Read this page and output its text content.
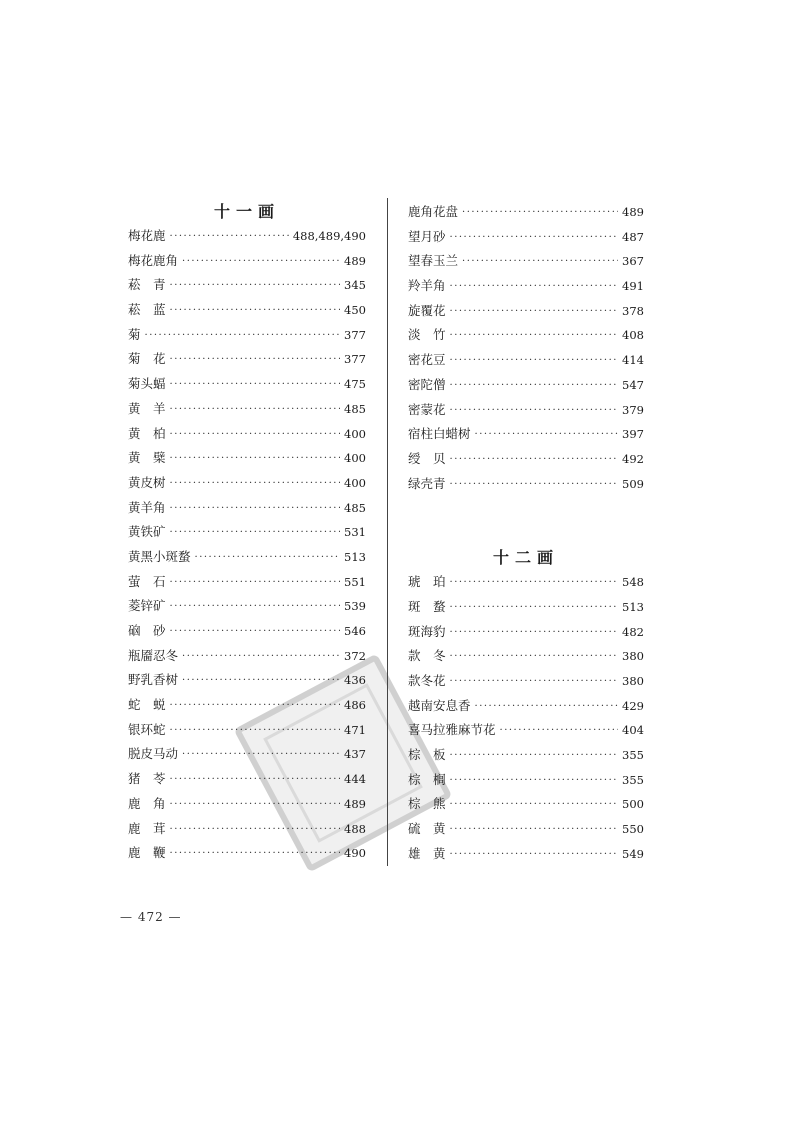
十一画
梅花鹿 ·····	488,489,490
梅花鹿角 ·····	489
菘　青 ·····	345
菘　蓝 ·····	450
菊 ·····	377
菊　花 ·····	377
菊头蝠 ·····	475
黄　羊 ·····	485
黄　柏 ·····	400
黄　檗 ·····	400
黄皮树 ·····	400
黄羊角 ·····	485
黄铁矿 ·····	531
黄黑小斑蝥 ·····	513
萤　石 ·····	551
菱锌矿 ·····	539
硇　砂 ·····	546
瓶靥忍冬 ·····	372
野乳香树 ·····	436
蛇　蜕 ·····	486
银环蛇 ·····	471
脱皮马动 ·····	437
猪　苓 ·····	444
鹿　角 ·····	489
鹿　茸 ·····	488
鹿　鞭 ·····	490
鹿角花盘 ·····	489
望月砂 ·····	487
望春玉兰 ·····	367
羚羊角 ·····	491
旋覆花 ·····	378
淡　竹 ·····	408
密花豆 ·····	414
密陀僧 ·····	547
密蒙花 ·····	379
宿柱白蜡树 ·····	397
绶　贝 ·····	492
绿壳青 ·····	509
十二画
琥　珀 ·····	548
斑　蝥 ·····	513
斑海豹 ·····	482
款　冬 ·····	380
款冬花 ·····	380
越南安息香 ·····	429
喜马拉雅麻节花 ·····	404
棕　板 ·····	355
棕　榈 ·····	355
棕　熊 ·····	500
硫　黄 ·····	550
雄　黄 ·····	549
— 472 —
